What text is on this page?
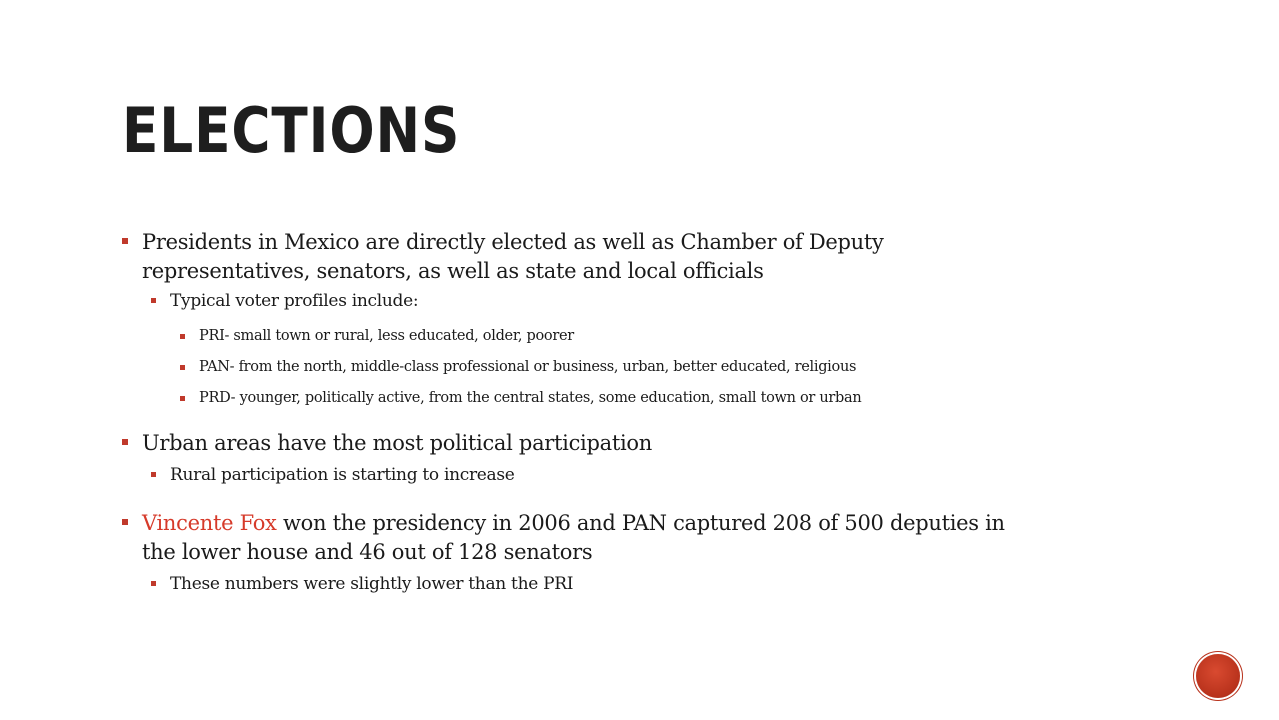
ELECTIONS
Presidents in Mexico are directly elected as well as Chamber of Deputy
representatives, senators, as well as state and local officials
Typical voter profiles include:
PRI- small town or rural, less educated, older, poorer
PAN- from the north, middle-class professional or business, urban, better educated, religious
PRD- younger, politically active, from the central states, some education, small town or urban
Urban areas have the most political participation
Rural participation is starting to increase
Vincente Fox won the presidency in 2006 and PAN captured 208 of 500 deputies in
the lower house and 46 out of 128 senators
These numbers were slightly lower than the PRI
